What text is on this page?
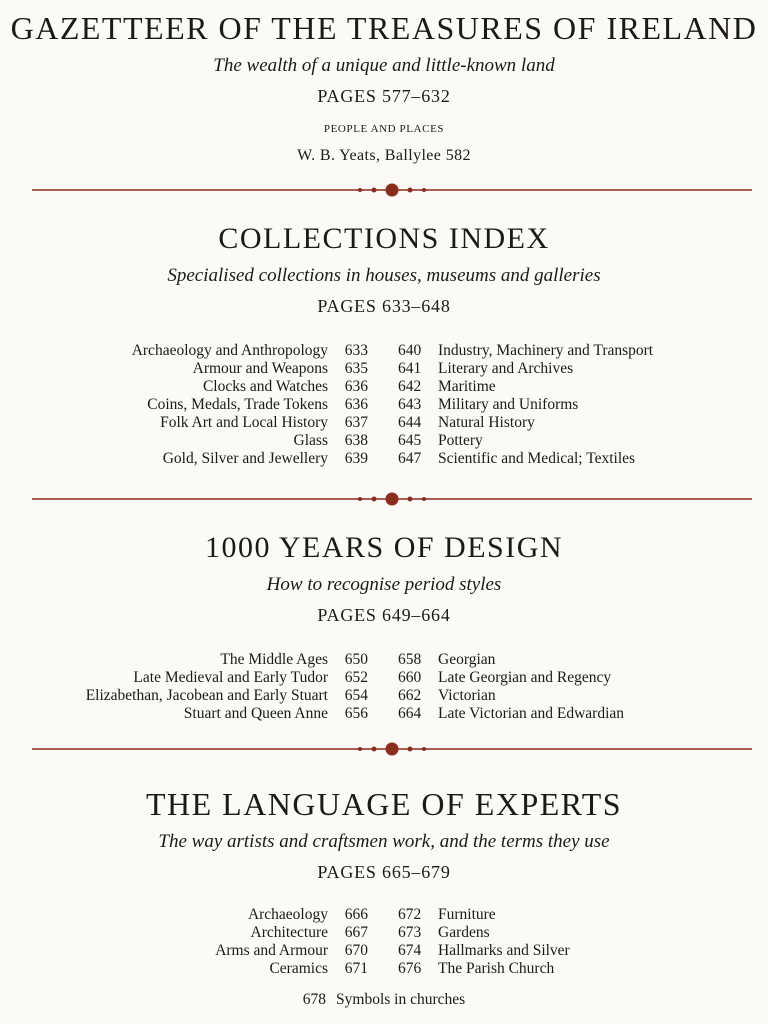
GAZETTEER OF THE TREASURES OF IRELAND
The wealth of a unique and little-known land
PAGES 577–632
PEOPLE AND PLACES
W. B. Yeats, Ballylee 582
COLLECTIONS INDEX
Specialised collections in houses, museums and galleries
PAGES 633–648
Archaeology and Anthropology 633
Armour and Weapons 635
Clocks and Watches 636
Coins, Medals, Trade Tokens 636
Folk Art and Local History 637
Glass 638
Gold, Silver and Jewellery 639
640 Industry, Machinery and Transport
641 Literary and Archives
642 Maritime
643 Military and Uniforms
644 Natural History
645 Pottery
647 Scientific and Medical; Textiles
1000 YEARS OF DESIGN
How to recognise period styles
PAGES 649–664
The Middle Ages 650
Late Medieval and Early Tudor 652
Elizabethan, Jacobean and Early Stuart 654
Stuart and Queen Anne 656
658 Georgian
660 Late Georgian and Regency
662 Victorian
664 Late Victorian and Edwardian
THE LANGUAGE OF EXPERTS
The way artists and craftsmen work, and the terms they use
PAGES 665–679
Archaeology 666
Architecture 667
Arms and Armour 670
Ceramics 671
672 Furniture
673 Gardens
674 Hallmarks and Silver
676 The Parish Church
678 Symbols in churches
